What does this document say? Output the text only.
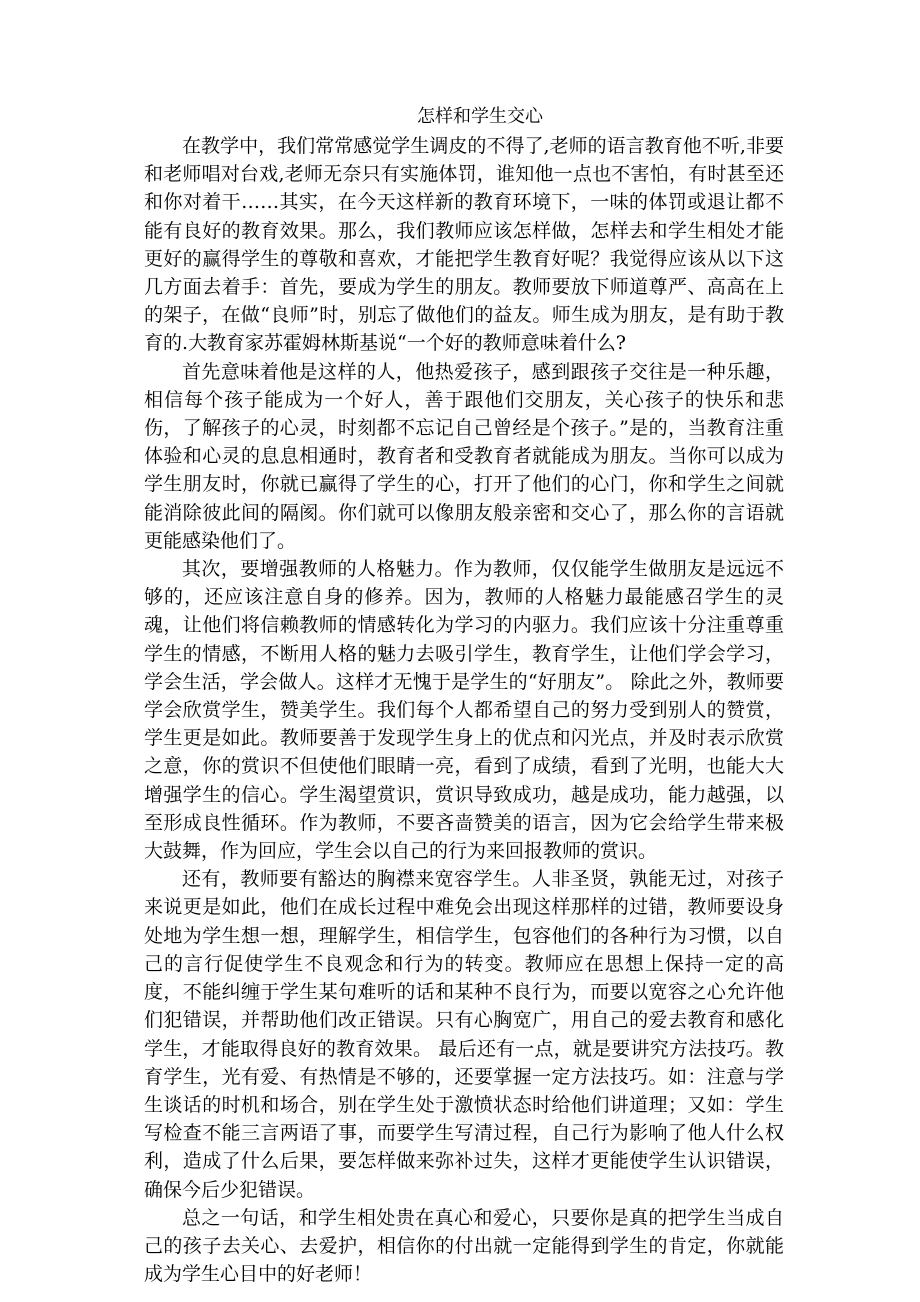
怎样和学生交心

在教学中，我们常常感觉学生调皮的不得了,老师的语言教育他不听,非要和老师唱对台戏,老师无奈只有实施体罚，谁知他一点也不害怕，有时甚至还和你对着干……其实，在今天这样新的教育环境下，一味的体罚或退让都不能有良好的教育效果。那么，我们教师应该怎样做，怎样去和学生相处才能更好的赢得学生的尊敬和喜欢，才能把学生教育好呢？我觉得应该从以下这几方面去着手：首先，要成为学生的朋友。教师要放下师道尊严、高高在上的架子，在做“良师”时，别忘了做他们的益友。师生成为朋友，是有助于教育的.大教育家苏霍姆林斯基说“一个好的教师意味着什么?

首先意味着他是这样的人，他热爱孩子，感到跟孩子交往是一种乐趣，相信每个孩子能成为一个好人，善于跟他们交朋友，关心孩子的快乐和悲伤，了解孩子的心灵，时刻都不忘记自己曾经是个孩子。”是的，当教育注重体验和心灵的息息相通时，教育者和受教育者就能成为朋友。当你可以成为学生朋友时，你就已赢得了学生的心，打开了他们的心门，你和学生之间就能消除彼此间的隔阂。你们就可以像朋友般亲密和交心了，那么你的言语就更能感染他们了。

其次，要增强教师的人格魅力。作为教师，仅仅能学生做朋友是远远不够的，还应该注意自身的修养。因为，教师的人格魅力最能感召学生的灵魂，让他们将信赖教师的情感转化为学习的内驱力。我们应该十分注重尊重学生的情感，不断用人格的魅力去吸引学生，教育学生，让他们学会学习，学会生活，学会做人。这样才无愧于是学生的“好朋友”。 除此之外，教师要学会欣赏学生，赞美学生。我们每个人都希望自己的努力受到别人的赞赏，学生更是如此。教师要善于发现学生身上的优点和闪光点，并及时表示欣赏之意，你的赏识不但使他们眼睛一亮，看到了成绩，看到了光明，也能大大增强学生的信心。学生渴望赏识，赏识导致成功，越是成功，能力越强，以至形成良性循环。作为教师，不要吝啬赞美的语言，因为它会给学生带来极大鼓舞，作为回应，学生会以自己的行为来回报教师的赏识。

还有，教师要有豁达的胸襟来宽容学生。人非圣贤，孰能无过，对孩子来说更是如此，他们在成长过程中难免会出现这样那样的过错，教师要设身处地为学生想一想，理解学生，相信学生，包容他们的各种行为习惯，以自己的言行促使学生不良观念和行为的转变。教师应在思想上保持一定的高度，不能纠缠于学生某句难听的话和某种不良行为，而要以宽容之心允许他们犯错误，并帮助他们改正错误。只有心胸宽广，用自己的爱去教育和感化学生，才能取得良好的教育效果。 最后还有一点，就是要讲究方法技巧。教育学生，光有爱、有热情是不够的，还要掌握一定方法技巧。如：注意与学生谈话的时机和场合，别在学生处于激愤状态时给他们讲道理；又如：学生写检查不能三言两语了事，而要学生写清过程，自己行为影响了他人什么权利，造成了什么后果，要怎样做来弥补过失，这样才更能使学生认识错误，确保今后少犯错误。

总之一句话，和学生相处贵在真心和爱心，只要你是真的把学生当成自己的孩子去关心、去爱护，相信你的付出就一定能得到学生的肯定，你就能成为学生心目中的好老师！
